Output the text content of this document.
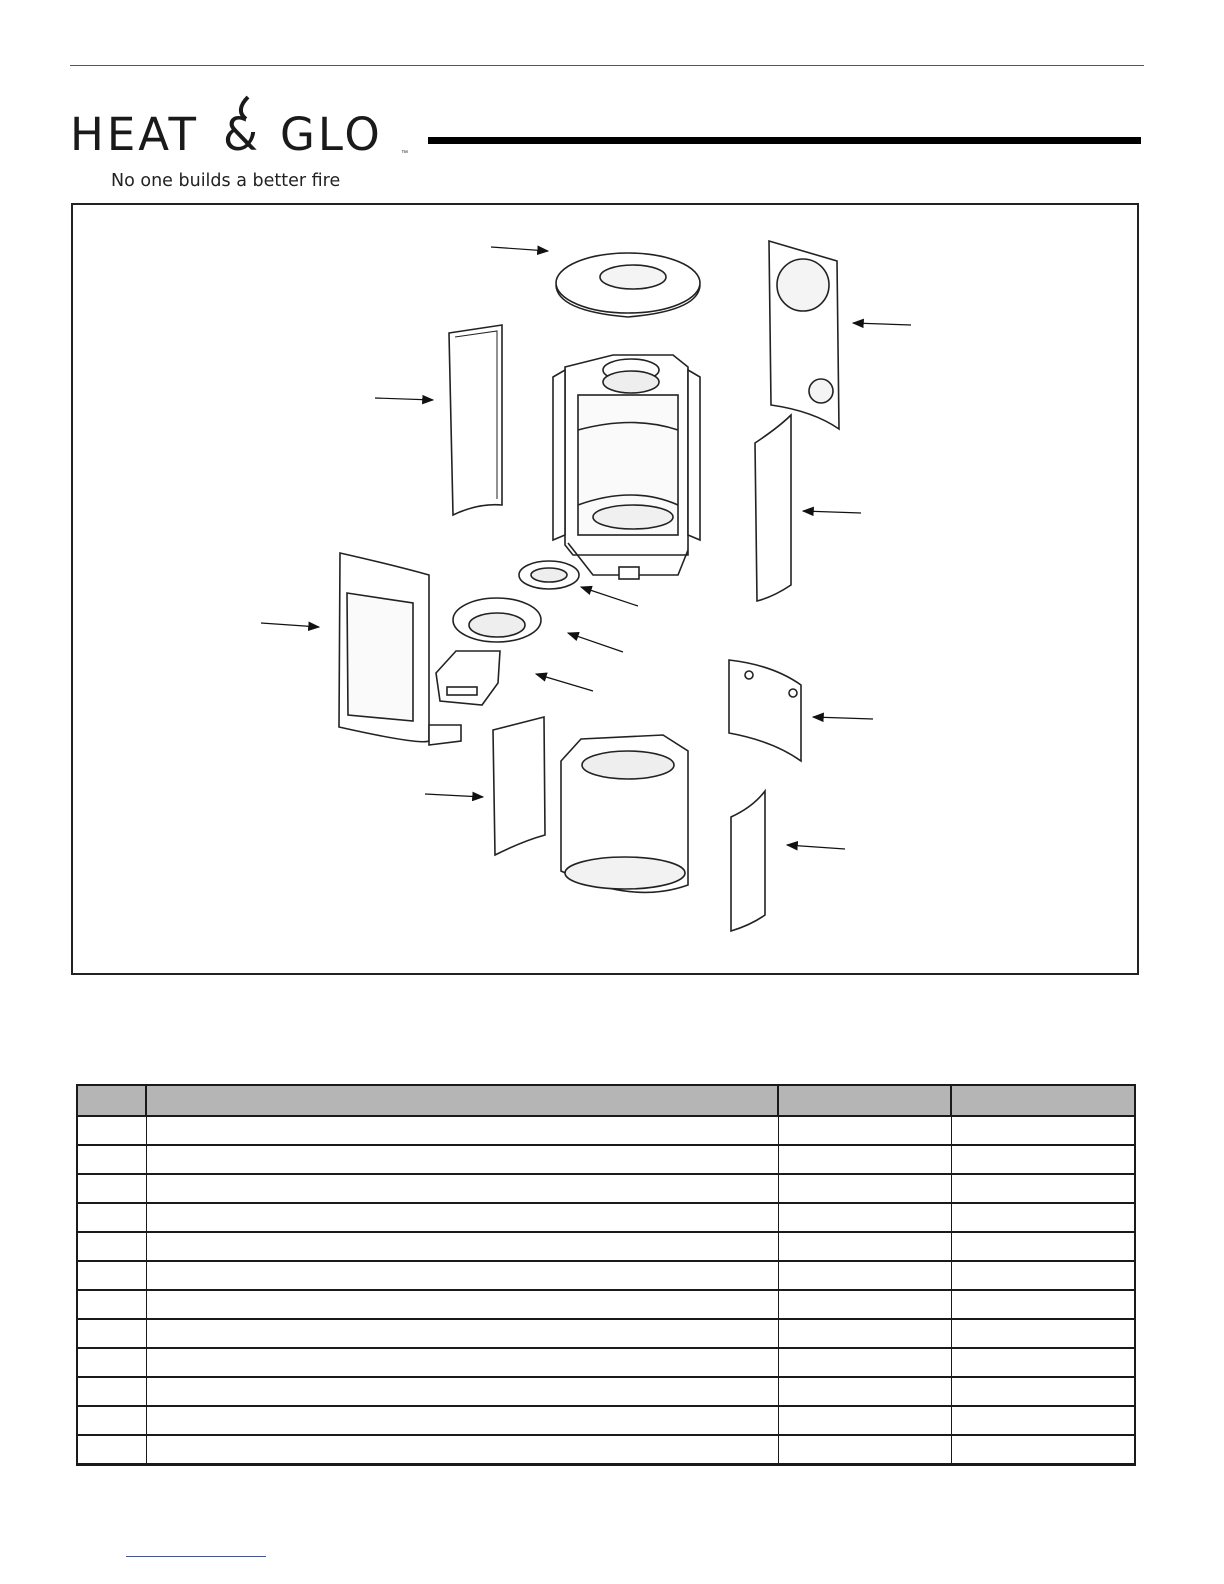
HEAT & GLO	™
No one builds a better fire
